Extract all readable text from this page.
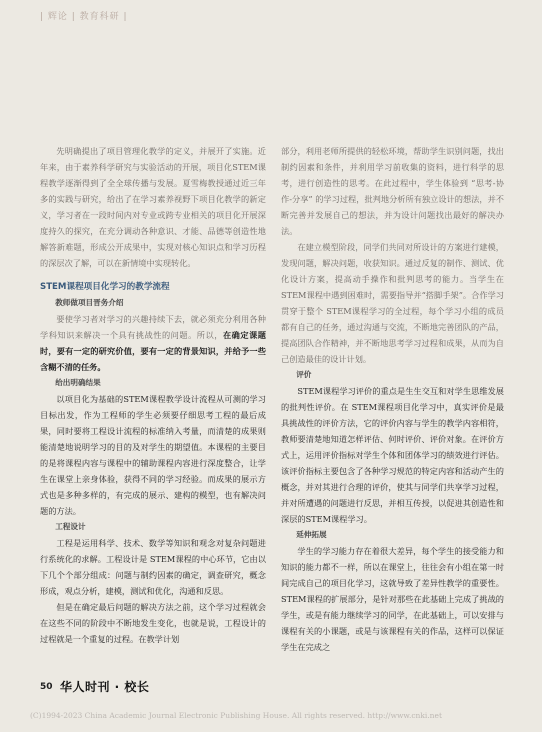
| 辉论 | 教育科研 |

先明确提出了项目管理化教学的定义，并展开了实施。近年来，由于素养科学研究与实验活动的开展，项目化STEM课程教学逐渐得到了全全球传播与发展。夏雪梅教授通过近三年多的实践与研究，给出了在学习素养视野下项目化教学的新定义，学习者在一段时间内对专业或跨专业相关的项目化开展深度持久的探究，在充分调动各种意识、才能、品德等创造性地解答新难题，形成公开成果中，实现对核心知识点和学习历程的深层次了解，可以在新情境中实现转化。

STEM课程项目化学习的教学流程
教师做项目晋务介绍

要使学习者对学习的兴趣持续下去，就必须充分利用各种学科知识来解决一个具有挑战性的问题。所以，在确定课题时，要有一定的研究价值，要有一定的背景知识，并给予一些含糊不清的任务。

给出明确结果

以项目化为基础的STEM课程教学设计流程从可测的学习目标出发，作为工程师的学生必须要仔细思考工程的最后成果，同时要将工程设计流程的标准纳入考量，而清楚的成果则能清楚地说明学习的目的及对学生的期望值。本课程的主要目的是将课程内容与课程中的辅助课程内容进行深度整合，让学生在课堂上亲身体验，获得不同的学习经验。而成果的展示方式也是多种多样的，有完成的展示、建构的模型，也有解决问题的方法。

工程设计

工程是运用科学、技术、数学等知识和观念对复杂问题进行系统化的求解。工程设计是 STEM课程的中心环节，它由以下几个个部分组成：问题与制约因素的确定，调查研究，概念形成，观点分析，建模，测试和优化，沟通和反思。

但是在确定最后问题的解决方法之前，这个学习过程就会在这些不同的阶段中不断地发生变化，也就是说，工程设计的过程就是一个重复的过程。在教学计划

部分，利用老师所提供的轻松环境，帮助学生识别问题，找出制约因素和条件，并利用学习前收集的资料，进行科学的思考，进行创造性的思考。在此过程中，学生体验到 “思考-协作-分享” 的学习过程，批判地分析所有独立设计的想法，并不断完善并发展自己的想法，并为设计问题找出最好的解决办法。

在建立模型阶段，同学们共同对所设计的方案进行建模，发现问题，解决问题，收获知识。通过反复的制作、测试、优化设计方案，提高动手操作和批判思考的能力。当学生在 STEM课程中遇到困难时，需要指导并“搭脚手架”。合作学习贯穿于整个 STEM课程学习的全过程，每个学习小组的成员都有自己的任务，通过沟通与交流，不断地完善团队的产品，提高团队合作精神，并不断地思考学习过程和成果，从而为自己创造最佳的设计计划。

评价

STEM课程学习评价的重点是生生交互和对学生思维发展的批判性评价。在 STEM课程项目化学习中，真实评价是最具挑战性的评价方法，它的评价内容与学生的教学内容相符，教师要清楚地知道怎样评估、何时评价、评价对象。在评价方式上，运用评价指标对学生个体和团体学习的绩效进行评估。该评价指标主要包含了各种学习规范的特定内容和活动产生的概念，并对其进行合理的评价，使其与同学们共享学习过程，并对所遭遇的问题进行反思，并相互传授，以促进其创造性和深层的STEM课程学习。

延伸拓展

学生的学习能力存在着很大差异，每个学生的接受能力和知识的能力都不一样，所以在课堂上，往往会有小组在第一时间完成自己的项目化学习，这就导致了差异性教学的重要性。STEM课程的扩展部分，是针对那些在此基础上完成了挑战的学生，或是有能力继续学习的同学，在此基础上，可以安排与课程有关的小课题，或是与该课程有关的作品，这样可以保证学生在完成之

50 华人时刊 · 校长
(C)1994-2023 China Academic Journal Electronic Publishing House. All rights reserved. http://www.cnki.net
